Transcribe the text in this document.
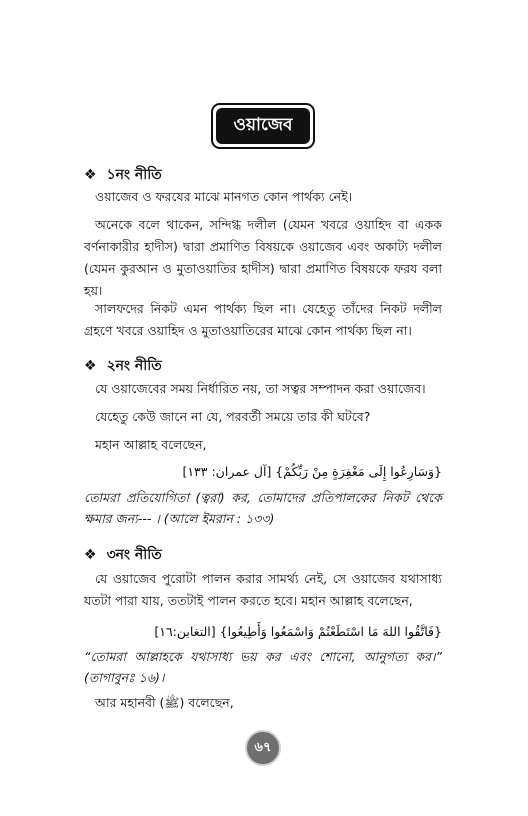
ওয়াজেব
❖ ১নং নীতি
ওয়াজেব ও ফরযের মাঝে মানগত কোন পার্থক্য নেই।
অনেকে বলে থাকেন, সন্দিগ্ধ দলীল (যেমন খবরে ওয়াহিদ বা একক বর্ণনাকারীর হাদীস) দ্বারা প্রমাণিত বিষয়কে ওয়াজেব এবং অকাট্য দলীল (যেমন কুরআন ও মুতাওয়াতির হাদীস) দ্বারা প্রমাণিত বিষয়কে ফরয বলা হয়।
সালফদের নিকট এমন পার্থক্য ছিল না। যেহেতু তাঁদের নিকট দলীল গ্রহণে খবরে ওয়াহিদ ও মুতাওয়াতিরের মাঝে কোন পার্থক্য ছিল না।
❖ ২নং নীতি
যে ওয়াজেবের সময় নির্ধারিত নয়, তা সত্বর সম্পাদন করা ওয়াজেব।
যেহেতু কেউ জানে না যে, পরবর্তী সময়ে তার কী ঘটবে?
মহান আল্লাহ বলেছেন,
{وَسَارِعُوا إِلَى مَغْفِرَةٍ مِنْ رَبِّكُمْ} [آل عمران: ١٣٣]
তোমরা প্রতিযোগিতা (ত্বরা) কর, তোমাদের প্রতিপালকের নিকট থেকে ক্ষমার জন্য--- । (আলে ইমরান : ১৩৩)
❖ ৩নং নীতি
যে ওয়াজেব পুরোটা পালন করার সামর্থ্য নেই, সে ওয়াজেব যথাসাধ্য যতটা পারা যায়, ততটাই পালন করতে হবে। মহান আল্লাহ বলেছেন,
{فَاتَّقُوا اللهَ مَا اسْتَطَعْتُمْ وَاسْمَعُوا وَأَطِيعُوا} [التغابن:١٦]
“তোমরা আল্লাহকে যথাসাধ্য ভয় কর এবং শোনো, আনুগত্য কর।” (তাগাবুনঃ ১৬)।
আর মহানবী (ﷺ) বলেছেন,
৬৭
